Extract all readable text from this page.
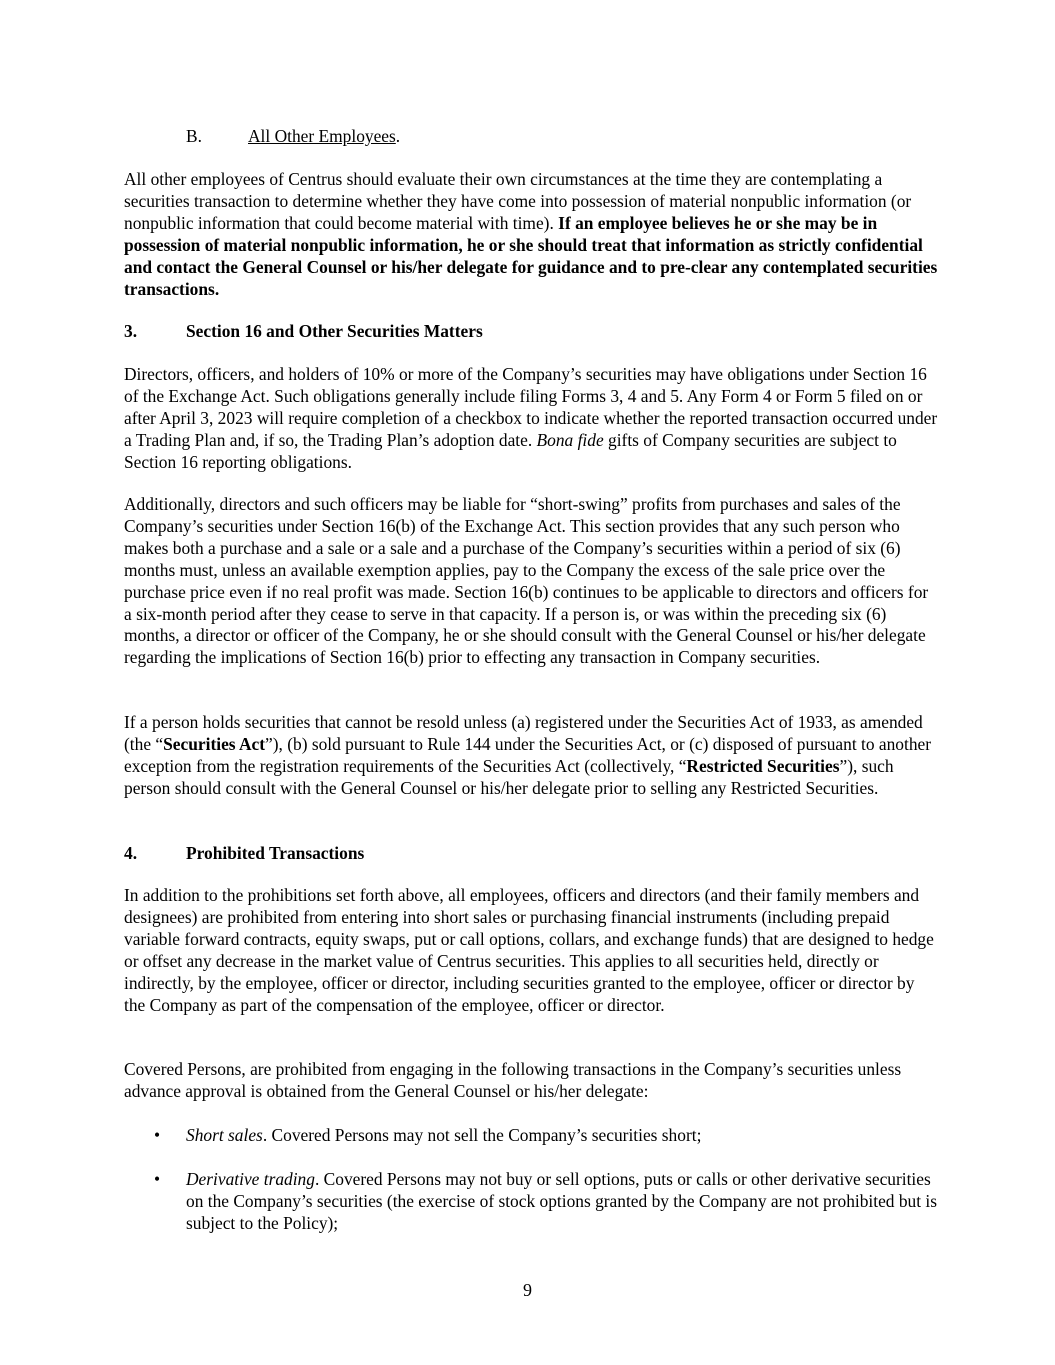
B.	All Other Employees.

All other employees of Centrus should evaluate their own circumstances at the time they are contemplating a securities transaction to determine whether they have come into possession of material nonpublic information (or nonpublic information that could become material with time). If an employee believes he or she may be in possession of material nonpublic information, he or she should treat that information as strictly confidential and contact the General Counsel or his/her delegate for guidance and to pre-clear any contemplated securities transactions.

3.	Section 16 and Other Securities Matters

Directors, officers, and holders of 10% or more of the Company’s securities may have obligations under Section 16 of the Exchange Act. Such obligations generally include filing Forms 3, 4 and 5. Any Form 4 or Form 5 filed on or after April 3, 2023 will require completion of a checkbox to indicate whether the reported transaction occurred under a Trading Plan and, if so, the Trading Plan’s adoption date. Bona fide gifts of Company securities are subject to Section 16 reporting obligations.

Additionally, directors and such officers may be liable for “short-swing” profits from purchases and sales of the Company’s securities under Section 16(b) of the Exchange Act. This section provides that any such person who makes both a purchase and a sale or a sale and a purchase of the Company’s securities within a period of six (6) months must, unless an available exemption applies, pay to the Company the excess of the sale price over the purchase price even if no real profit was made. Section 16(b) continues to be applicable to directors and officers for a six-month period after they cease to serve in that capacity. If a person is, or was within the preceding six (6) months, a director or officer of the Company, he or she should consult with the General Counsel or his/her delegate regarding the implications of Section 16(b) prior to effecting any transaction in Company securities.

If a person holds securities that cannot be resold unless (a) registered under the Securities Act of 1933, as amended (the “Securities Act”), (b) sold pursuant to Rule 144 under the Securities Act, or (c) disposed of pursuant to another exception from the registration requirements of the Securities Act (collectively, “Restricted Securities”), such person should consult with the General Counsel or his/her delegate prior to selling any Restricted Securities.

4.	Prohibited Transactions

In addition to the prohibitions set forth above, all employees, officers and directors (and their family members and designees) are prohibited from entering into short sales or purchasing financial instruments (including prepaid variable forward contracts, equity swaps, put or call options, collars, and exchange funds) that are designed to hedge or offset any decrease in the market value of Centrus securities. This applies to all securities held, directly or indirectly, by the employee, officer or director, including securities granted to the employee, officer or director by the Company as part of the compensation of the employee, officer or director.

Covered Persons, are prohibited from engaging in the following transactions in the Company’s securities unless advance approval is obtained from the General Counsel or his/her delegate:

• Short sales. Covered Persons may not sell the Company’s securities short;
• Derivative trading. Covered Persons may not buy or sell options, puts or calls or other derivative securities on the Company’s securities (the exercise of stock options granted by the Company are not prohibited but is subject to the Policy);
9
